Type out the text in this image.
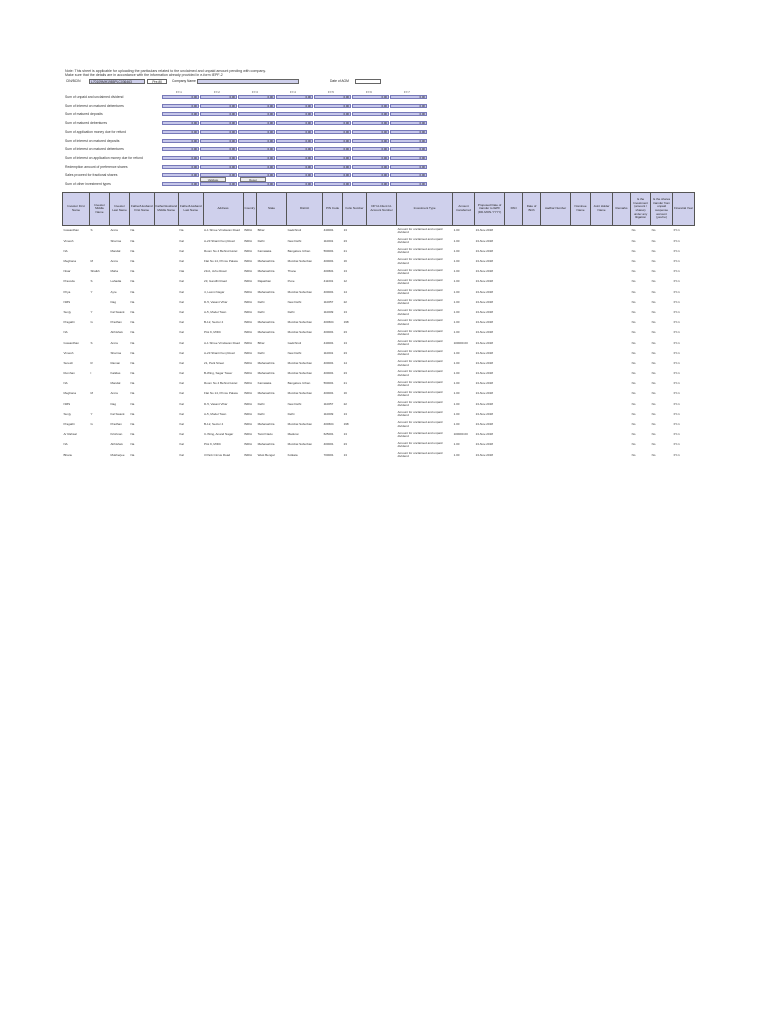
Note: This sheet is applicable for uploading the particulars related to the unclaimed and unpaid amount pending with company.
Make sure that the details are in accordance with the information already provided in e-form IEPF-2
CIN/BCIN	L70109MH1985PLC036463	Pre-fill	Company Name	Date of AGM
FY-1	FY-2	FY-3	FY-4	FY-5	FY-6	FY-7
Sum of unpaid and unclaimed dividend	0.00	0.00	0.00	0.00	0.00	0.00	0.00
Sum of interest on matured debentures	0.00	0.00	0.00	0.00	0.00	0.00	0.00
Sum of matured deposits	0.00	0.00	0.00	0.00	0.00	0.00	0.00
Sum of matured debentures	0.00	0.00	0.00	0.00	0.00	0.00	0.00
Sum of application money due for refund	0.00	0.00	0.00	0.00	0.00	0.00	0.00
Sum of interest on matured deposits	0.00	0.00	0.00	0.00	0.00	0.00	0.00
Sum of interest on matured debentures	0.00	0.00	0.00	0.00	0.00	0.00	0.00
Sum of interest on application money due for refund	0.00	0.00	0.00	0.00	0.00	0.00	0.00
Redemption amount of preference shares	0.00	0.00	0.00	0.00	0.00	0.00	0.00
Sales proceed for fractional shares	0.00	0.00	0.00	0.00	0.00	0.00	0.00
Sum of other investment types	0.00	0.00	0.00	0.00	0.00	0.00	0.00
Validate	Reset
Investor First Name	Investor Middle Name	Investor Last Name	Father/Husband First Name	Father/Husband Middle Name	Father/Husband Last Name	Address	Country	State	District	PIN Code	Folio Number	DP Id-Client Id-Account Number	Investment Type	Amount transferred	Proposed Date of transfer to IEPF (DD-MON-YYYY)	PAN	Date of Birth	Aadhar Number	Nominee Name	Joint Holder Name	Remarks	Is the Investment (amount / shares) under any litigation	Is the shares transfer from unpaid suspense account (yes/no)	Financial Year
Gowardhan	S	Arora	Na		Na	A-1 Shree Vrindavan Road	INDIA	Bihar	Gadchiroli	440001	13		Amount for unclaimed and unpaid dividend	1.00	13-Nov-2018							No	No	FY-1
Vimesh		Sharma	Na		Kal	A-23 Shanti Kunj Road	INDIA	Delhi	New Delhi	110001	23		Amount for unclaimed and unpaid dividend	1.00	13-Nov-2018							No	No	FY-1
NA		Mandal	Na		Kal	Room No 4 Behind Hotel	INDIA	Karnataka	Bangalore Urban	560001	21		Amount for unclaimed and unpaid dividend	1.00	13-Nov-2018							No	No	FY-1
Meghana	M	Arora	Na		Kal	Flat No 14, Prince Palace	INDIA	Maharashtra	Mumbai Suburban	400001	16		Amount for unclaimed and unpaid dividend	1.00	13-Nov-2018							No	No	FY-1
Nisar	Shaikh	Maha	Na		Nai	21/A, Juhu Road	INDIA	Maharashtra	Thane	400601	13		Amount for unclaimed and unpaid dividend	1.00	13-Nov-2018							No	No	FY-1
Pravoda	S	Lahadia	Na		Kal	23, Gandhi Road	INDIA	Rajasthan	Pune	411001	12		Amount for unclaimed and unpaid dividend	1.00	13-Nov-2018							No	No	FY-1
Priya	Y	Ayre	Na		Kal	4, Laxmi Nagar	INDIA	Maharashtra	Mumbai Suburban	400001	14		Amount for unclaimed and unpaid dividend	1.00	13-Nov-2018							No	No	FY-1
NMS		Dag	Na		Kal	D-5, Vasant Vihar	INDIA	Delhi	New Delhi	110057	22		Amount for unclaimed and unpaid dividend	1.00	13-Nov-2018							No	No	FY-1
Sunjy	Y	Fal Swank	Na		Kal	A-5, Model Town	INDIA	Delhi	Delhi	110009	13		Amount for unclaimed and unpaid dividend	1.00	13-Nov-2018							No	No	FY-1
Pragathi	G	Pradhan	Na		Kal	B-12, Sector 4	INDIA	Maharashtra	Mumbai Suburban	400604	198		Amount for unclaimed and unpaid dividend	1.00	13-Nov-2018							No	No	FY-1
NA		Abhishek	Na		Kal	Plot 9, MIDC	INDIA	Maharashtra	Mumbai Suburban	400001	23		Amount for unclaimed and unpaid dividend	1.00	13-Nov-2018							No	No	FY-1
Gowardhan	S	Arora	Na		Kal	A-1 Shree Vrindavan Road	INDIA	Bihar	Gadchiroli	440001	13		Amount for unclaimed and unpaid dividend	100000.00	13-Nov-2018							No	No	FY-1
Vimesh		Sharma	Na		Kal	A-23 Shanti Kunj Road	INDIA	Delhi	New Delhi	110001	23		Amount for unclaimed and unpaid dividend	1.00	13-Nov-2018							No	No	FY-1
Suresh	R	Raman	Na		Kal	21, Park Street	INDIA	Maharashtra	Mumbai Suburban	400001	14		Amount for unclaimed and unpaid dividend	1.00	13-Nov-2018							No	No	FY-1
Rumhan	I	Kalidas	Na		Kal	B-Wing, Sagar Tower	INDIA	Maharashtra	Mumbai Suburban	400001	23		Amount for unclaimed and unpaid dividend	1.00	13-Nov-2018							No	No	FY-1
NA		Mandal	Na		Kal	Room No 4 Behind Hotel	INDIA	Karnataka	Bangalore Urban	560001	21		Amount for unclaimed and unpaid dividend	1.00	13-Nov-2018							No	No	FY-1
Meghana	M	Arora	Na		Kal	Flat No 14, Prince Palace	INDIA	Maharashtra	Mumbai Suburban	400001	16		Amount for unclaimed and unpaid dividend	1.00	13-Nov-2018							No	No	FY-1
NMS		Dag	Na		Kal	D-5, Vasant Vihar	INDIA	Delhi	New Delhi	110057	22		Amount for unclaimed and unpaid dividend	1.00	13-Nov-2018							No	No	FY-1
Sunjy	Y	Fal Swank	Na		Kal	A-5, Model Town	INDIA	Delhi	Delhi	110009	13		Amount for unclaimed and unpaid dividend	1.00	13-Nov-2018							No	No	FY-1
Pragathi	G	Pradhan	Na		Kal	B-12, Sector 4	INDIA	Maharashtra	Mumbai Suburban	400604	198		Amount for unclaimed and unpaid dividend	1.00	13-Nov-2018							No	No	FY-1
Ar Rahsal		Krishnan	Na		Kal	C-Wing, Anand Nagar	INDIA	Tamil Nadu	Madurai	625001	13		Amount for unclaimed and unpaid dividend	100000.00	13-Nov-2018							No	No	FY-1
NA		Abhishek	Na		Kal	Plot 9, MIDC	INDIA	Maharashtra	Mumbai Suburban	400001	23		Amount for unclaimed and unpaid dividend	1.00	13-Nov-2018							No	No	FY-1
Bhanu		Mukherjee	Na		Kal	3 Park Circus Road	INDIA	West Bengal	Kolkata	700001	13		Amount for unclaimed and unpaid dividend	1.00	13-Nov-2018							No	No	FY-1
